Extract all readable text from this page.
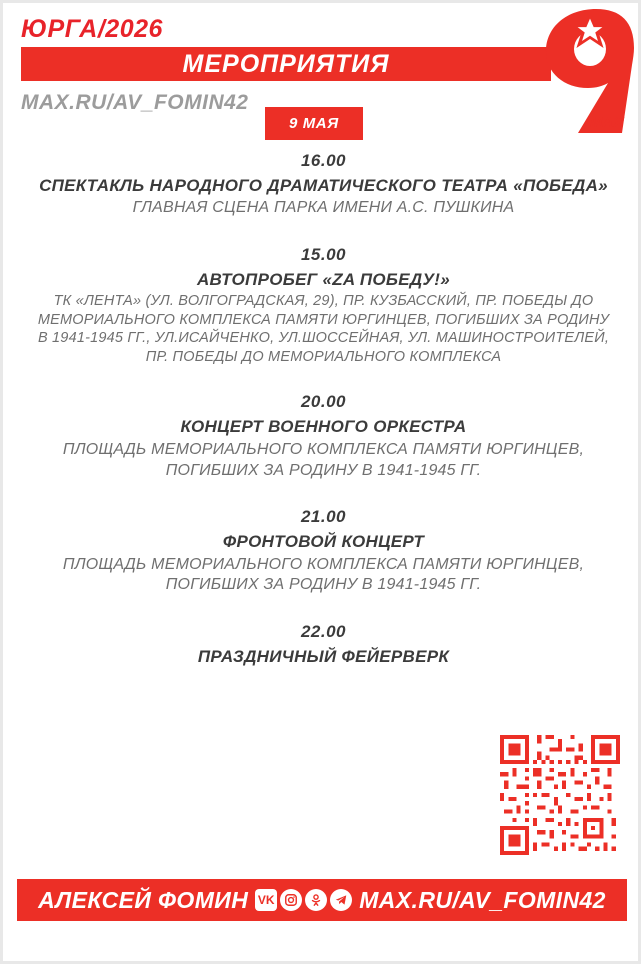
ЮРГА/2026
МЕРОПРИЯТИЯ
MAX.RU/AV_FOMIN42
МАЯ
9 МАЯ
16.00
СПЕКТАКЛЬ НАРОДНОГО ДРАМАТИЧЕСКОГО ТЕАТРА «ПОБЕДА»
ГЛАВНАЯ СЦЕНА ПАРКА ИМЕНИ А.С. ПУШКИНА
15.00
АВТОПРОБЕГ «ZA ПОБЕДУ!»
ТК «ЛЕНТА» (УЛ. ВОЛГОГРАДСКАЯ, 29), ПР. КУЗБАССКИЙ, ПР. ПОБЕДЫ ДО МЕМОРИАЛЬНОГО КОМПЛЕКСА ПАМЯТИ ЮРГИНЦЕВ, ПОГИБШИХ ЗА РОДИНУ В 1941-1945 ГГ., УЛ.ИСАЙЧЕНКО, УЛ.ШОССЕЙНАЯ, УЛ. МАШИНОСТРОИТЕЛЕЙ, ПР. ПОБЕДЫ ДО МЕМОРИАЛЬНОГО КОМПЛЕКСА
20.00
КОНЦЕРТ ВОЕННОГО ОРКЕСТРА
ПЛОЩАДЬ МЕМОРИАЛЬНОГО КОМПЛЕКСА ПАМЯТИ ЮРГИНЦЕВ, ПОГИБШИХ ЗА РОДИНУ В 1941-1945 ГГ.
21.00
ФРОНТОВОЙ КОНЦЕРТ
ПЛОЩАДЬ МЕМОРИАЛЬНОГО КОМПЛЕКСА ПАМЯТИ ЮРГИНЦЕВ, ПОГИБШИХ ЗА РОДИНУ В 1941-1945 ГГ.
22.00
ПРАЗДНИЧНЫЙ ФЕЙЕРВЕРК
АЛЕКСЕЙ ФОМИН VK	MAX.RU/AV_FOMIN42
